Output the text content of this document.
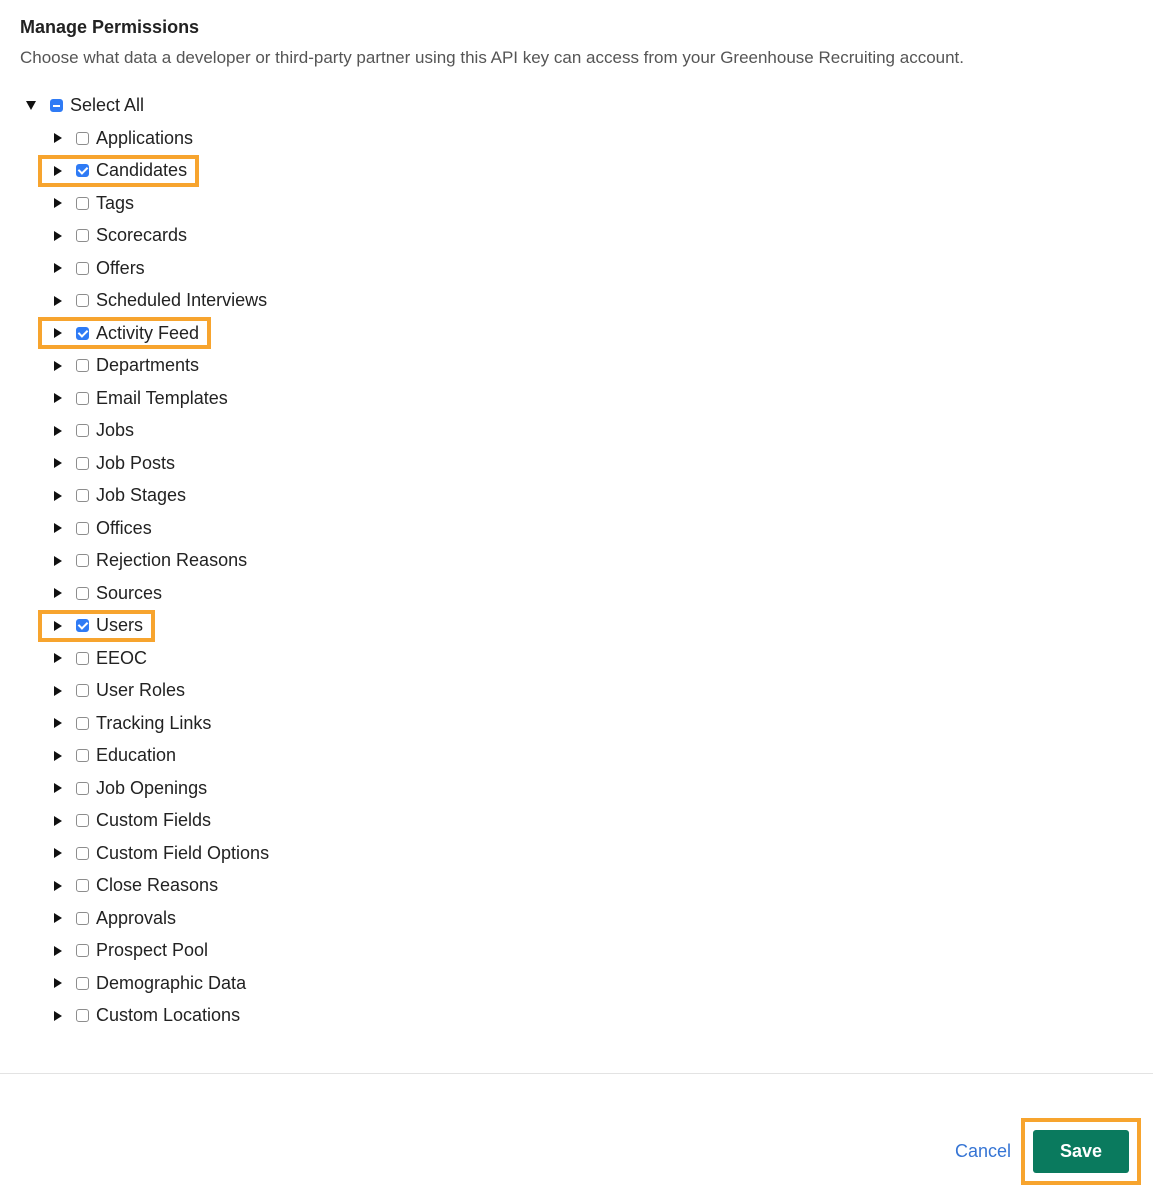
Manage Permissions
Choose what data a developer or third-party partner using this API key can access from your Greenhouse Recruiting account.
Select All
Applications
Candidates
Tags
Scorecards
Offers
Scheduled Interviews
Activity Feed
Departments
Email Templates
Jobs
Job Posts
Job Stages
Offices
Rejection Reasons
Sources
Users
EEOC
User Roles
Tracking Links
Education
Job Openings
Custom Fields
Custom Field Options
Close Reasons
Approvals
Prospect Pool
Demographic Data
Custom Locations
Cancel	Save
